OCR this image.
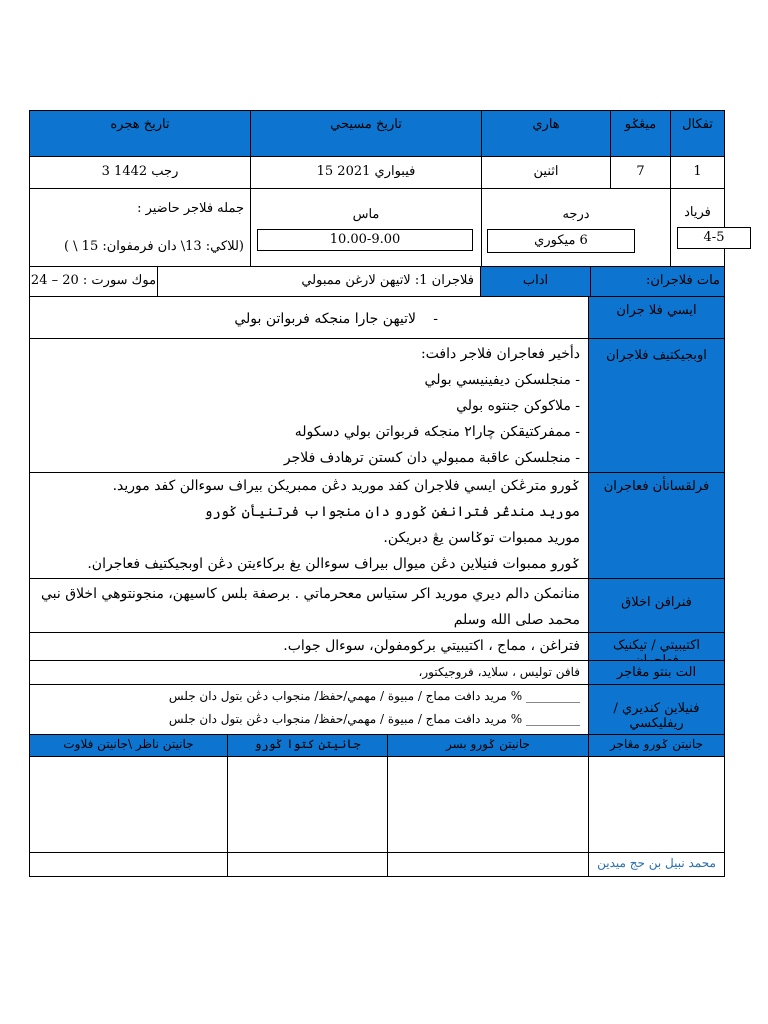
تفكال
ميڠݢو
هاري
تاريخ مسيحي
تاريخ هجره
1
7
اثنين
فيبواري 2021 15
رجب 1442 3
فرياد
4-5
درجه
6 ميکوري
ماس
10.00-9.00
جمله فلاجر حاضير :
(للاكي: 13\ دان فرمفوان: 15 \ )
مات فلاجران:
اداب
فلاجران 1: لاتيهن لارغن ممبولي
موك سورت : 20 – 24
ايسي فلا جران
-
لاتيهن جارا منجكه فربواتن بولي
اوبجيکتيف فلاجران
دأخير فعاجران فلاجر دافت:
- منجلسکن ديفينيسي بولي
- ملاکوکن جنتوه بولي
- ممفرکتيقکن چارا٢ منجکه فربواتن بولي دسکوله
- منجلسکن عاقبة ممبولي دان کستن ترهادف فلاجر
فرلقسانأن فعاجران
ݢورو مترڠکن ايسي فلاجران کفد موريد دڠن ممبريکن بيراف سوءالن کفد موريد.
موريد مندڠر فترانغن ݢورو دان منجواب فرتنيأن ݢورو
موريد ممبوات توݢاسن يڠ دبريکن.
ݢورو ممبوات فنيلاين دڠن ميوال بيراف سوءالن يغ برکاءيتن دڠن اوبجيکتيف فعاجران.
فنرافن اخلاق
منانمکن دالم ديري موريد اکر ستياس معحرماتي . برصفة بلس کاسيهن، منجونتوهي اخلاق نبي محمد صلى الله وسلم
اکتيبيتي / تيکنيک
فتراغن ، مماج ، اکتيبيتي برکومفولن، سوءال جواب.
الت بنتو مڠاجر
فافن توليس ، سلايد، فروجيکتور،
فنيلاين كنديري / ريفليكسي
_________ % مريد دافت مماج / مبيوة / مهمي/حفظ/ منجواب دڠن بتول دان جلس
_________ % مريد دافت مماج / مبيوة / مهمي/حفظ/ منجواب دڠن بتول دان جلس
جانيتن ݢورو مڠاجر
جانيتن ݢورو بسر
جانيتن کتوا ݢورو
جانيتن ناظر \جانيتن فلاوت
محمد نبيل بن حج ميدين
